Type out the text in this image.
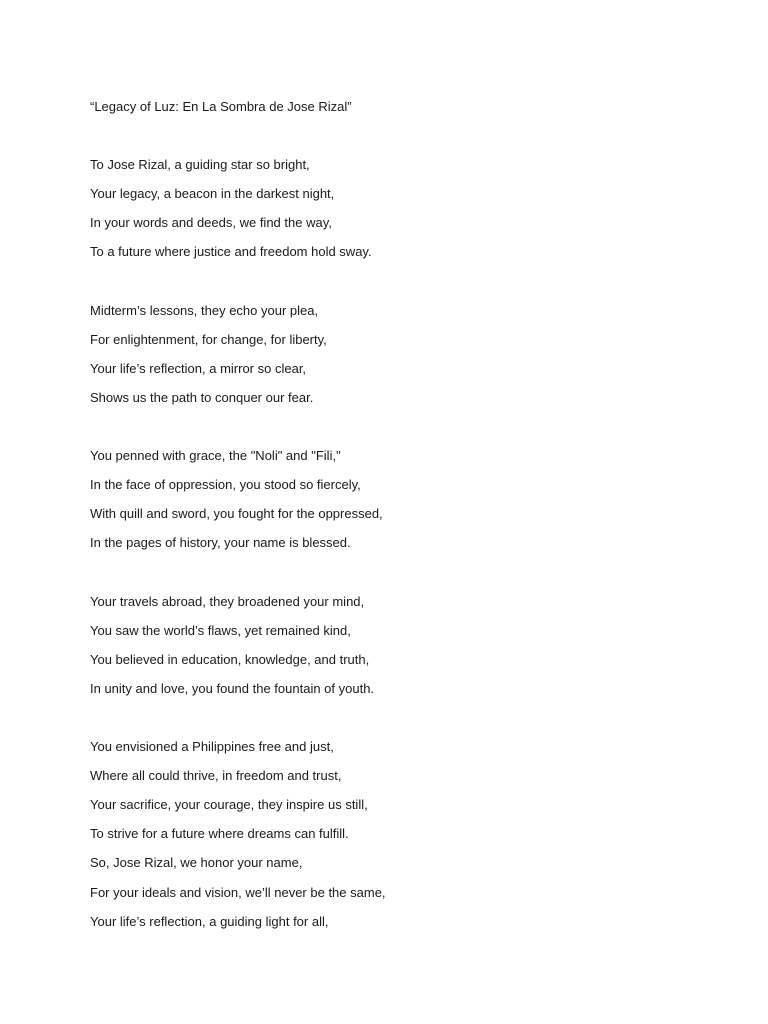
“Legacy of Luz: En La Sombra de Jose Rizal”
To Jose Rizal, a guiding star so bright,
Your legacy, a beacon in the darkest night,
In your words and deeds, we find the way,
To a future where justice and freedom hold sway.
Midterm’s lessons, they echo your plea,
For enlightenment, for change, for liberty,
Your life’s reflection, a mirror so clear,
Shows us the path to conquer our fear.
You penned with grace, the "Noli" and "Fili,"
In the face of oppression, you stood so fiercely,
With quill and sword, you fought for the oppressed,
In the pages of history, your name is blessed.
Your travels abroad, they broadened your mind,
You saw the world’s flaws, yet remained kind,
You believed in education, knowledge, and truth,
In unity and love, you found the fountain of youth.
You envisioned a Philippines free and just,
Where all could thrive, in freedom and trust,
Your sacrifice, your courage, they inspire us still,
To strive for a future where dreams can fulfill.
So, Jose Rizal, we honor your name,
For your ideals and vision, we’ll never be the same,
Your life’s reflection, a guiding light for all,
